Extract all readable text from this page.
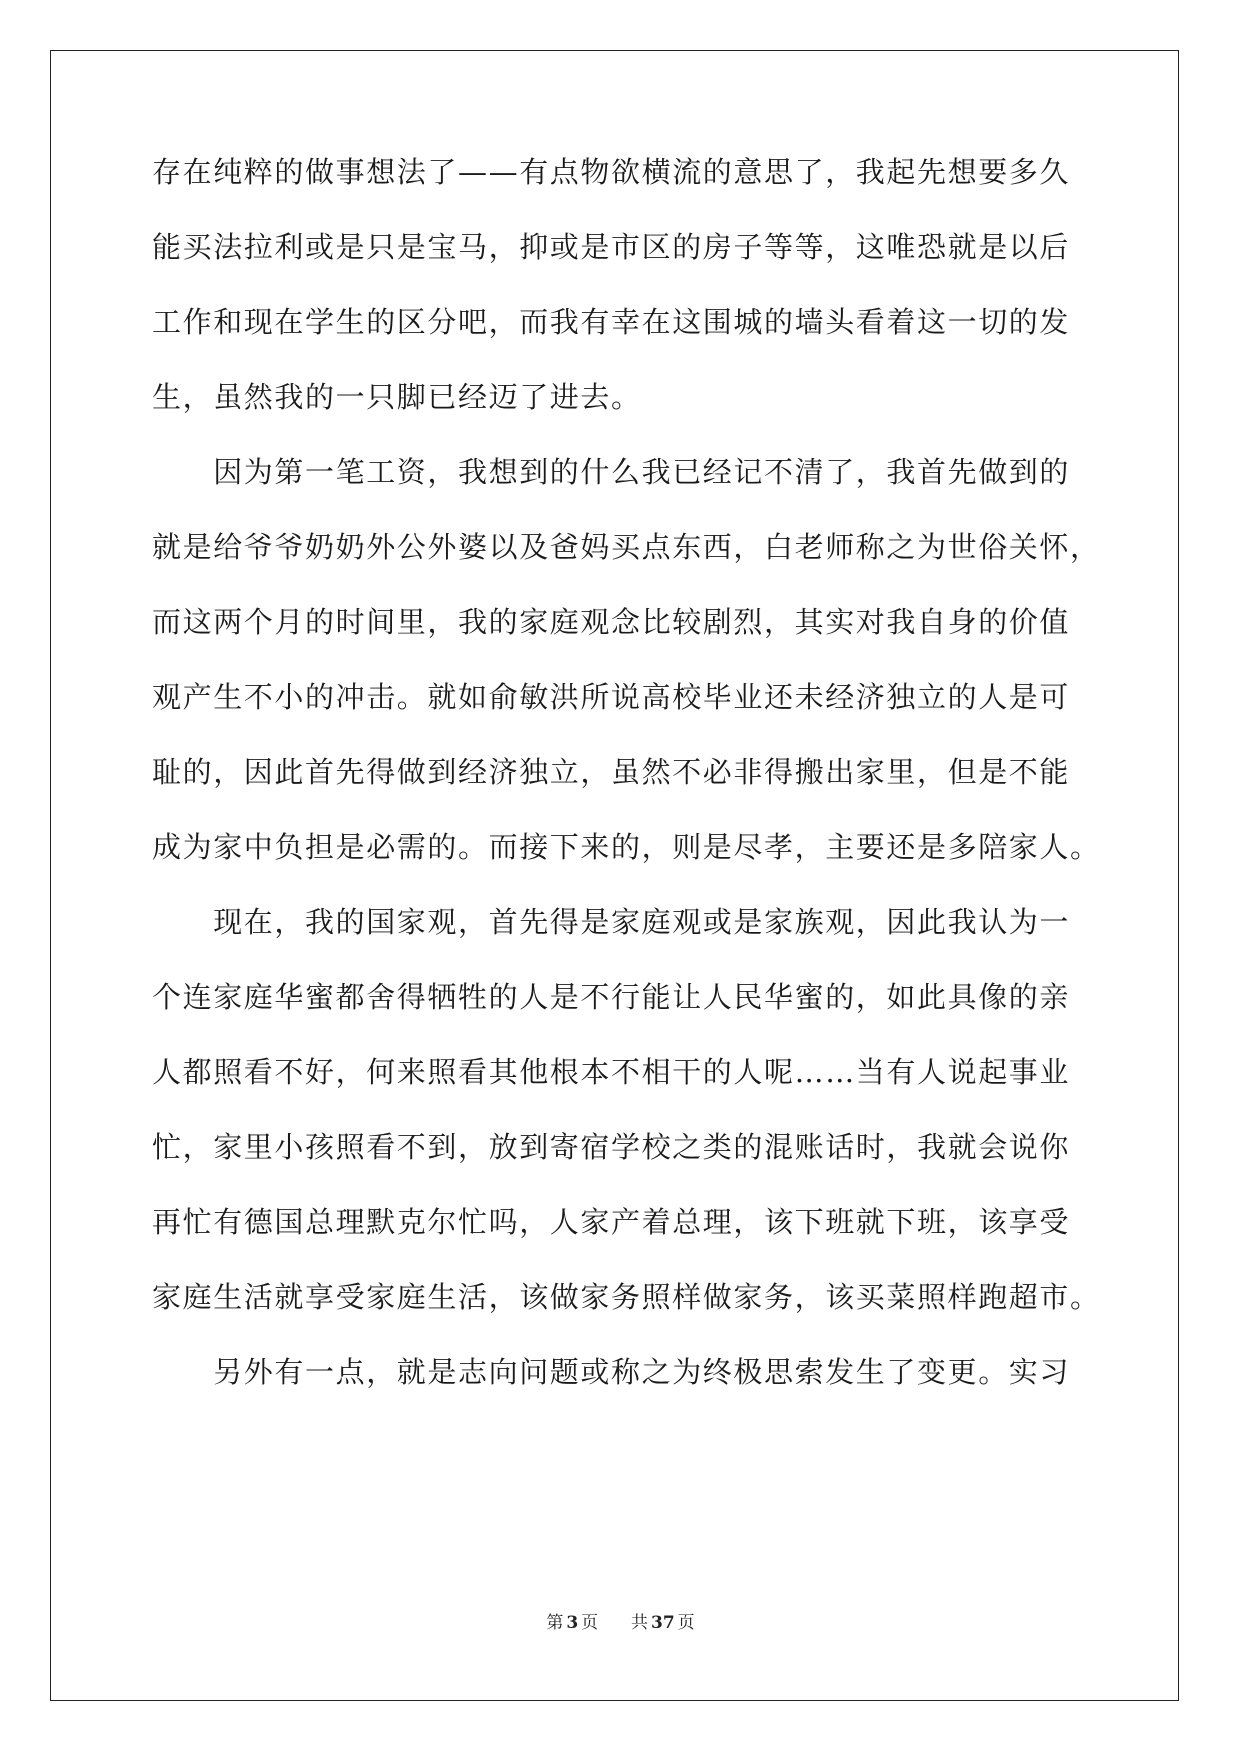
存在纯粹的做事想法了——有点物欲横流的意思了，我起先想要多久
能买法拉利或是只是宝马，抑或是市区的房子等等，这唯恐就是以后
工作和现在学生的区分吧，而我有幸在这围城的墙头看着这一切的发
生，虽然我的一只脚已经迈了进去。
　　因为第一笔工资，我想到的什么我已经记不清了，我首先做到的
就是给爷爷奶奶外公外婆以及爸妈买点东西，白老师称之为世俗关怀，
而这两个月的时间里，我的家庭观念比较剧烈，其实对我自身的价值
观产生不小的冲击。就如俞敏洪所说高校毕业还未经济独立的人是可
耻的，因此首先得做到经济独立，虽然不必非得搬出家里，但是不能
成为家中负担是必需的。而接下来的，则是尽孝，主要还是多陪家人。
　　现在，我的国家观，首先得是家庭观或是家族观，因此我认为一
个连家庭华蜜都舍得牺牲的人是不行能让人民华蜜的，如此具像的亲
人都照看不好，何来照看其他根本不相干的人呢……当有人说起事业
忙，家里小孩照看不到，放到寄宿学校之类的混账话时，我就会说你
再忙有德国总理默克尔忙吗，人家产着总理，该下班就下班，该享受
家庭生活就享受家庭生活，该做家务照样做家务，该买菜照样跑超市。
　　另外有一点，就是志向问题或称之为终极思索发生了变更。实习
第 3 页 共 37 页
